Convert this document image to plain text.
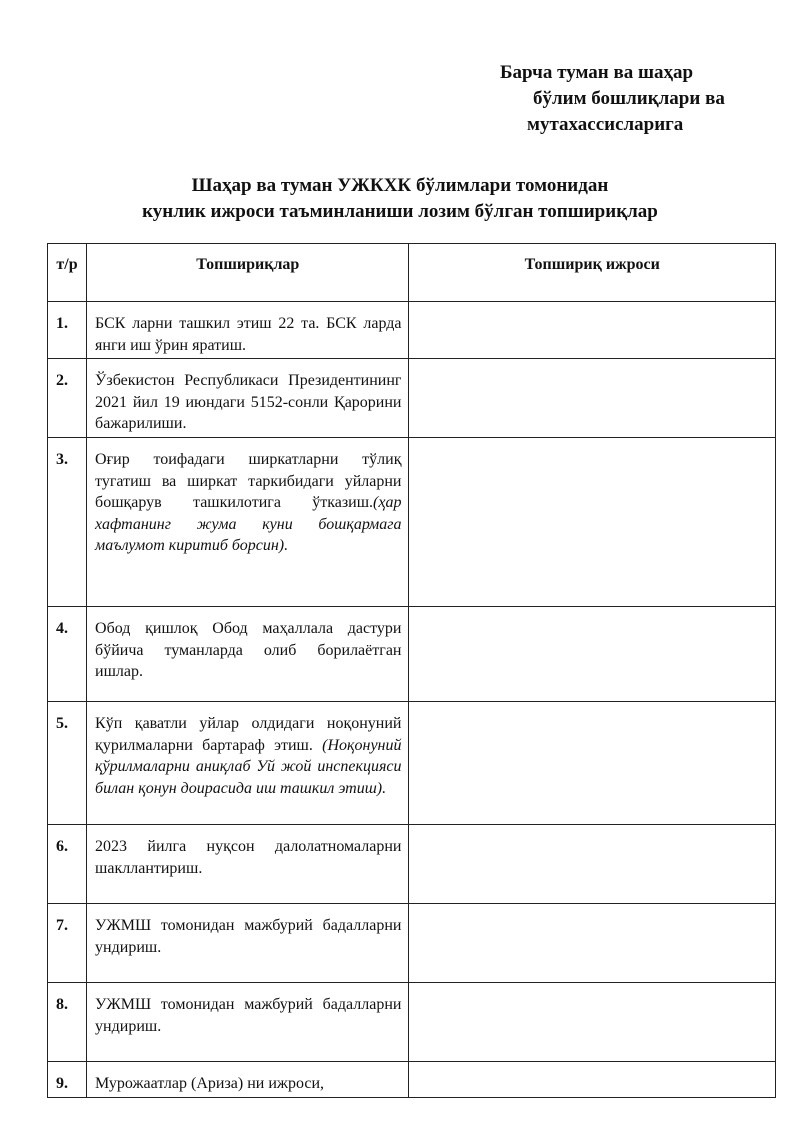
Барча туман ва шаҳар
бўлим бошлиқлари ва
мутахассисларига
Шаҳар ва туман УЖКХК бўлимлари томонидан
кунлик ижроси таъминланиши лозим бўлган топшириқлар
т/р	Топшириқлар	Топшириқ ижроси
1.	БСК ларни ташкил этиш 22 та. БСК ларда янги иш ўрин яратиш.	
2.	Ўзбекистон Республикаси Президентининг 2021 йил 19 июндаги 5152-сонли Қарорини бажарилиши.	
3.	Оғир тоифадаги ширкатларни тўлиқ тугатиш ва ширкат таркибидаги уйларни бошқарув ташкилотига ўтказиш.(ҳар хафтанинг жума куни бошқармага маълумот киритиб борсин).	
4.	Обод қишлоқ Обод маҳаллала дастури бўйича туманларда олиб борилаётган ишлар.	
5.	Кўп қаватли уйлар олдидаги ноқонуний қурилмаларни бартараф этиш. (Ноқонуний қўрилмаларни аниқлаб Уй жой инспекцияси билан қонун доирасида иш ташкил этиш).	
6.	2023 йилга нуқсон далолатномаларни шакллантириш.	
7.	УЖМШ томонидан мажбурий бадалларни ундириш.	
8.	УЖМШ томонидан мажбурий бадалларни ундириш.	
9.	Мурожаатлар (Ариза) ни ижроси,	
